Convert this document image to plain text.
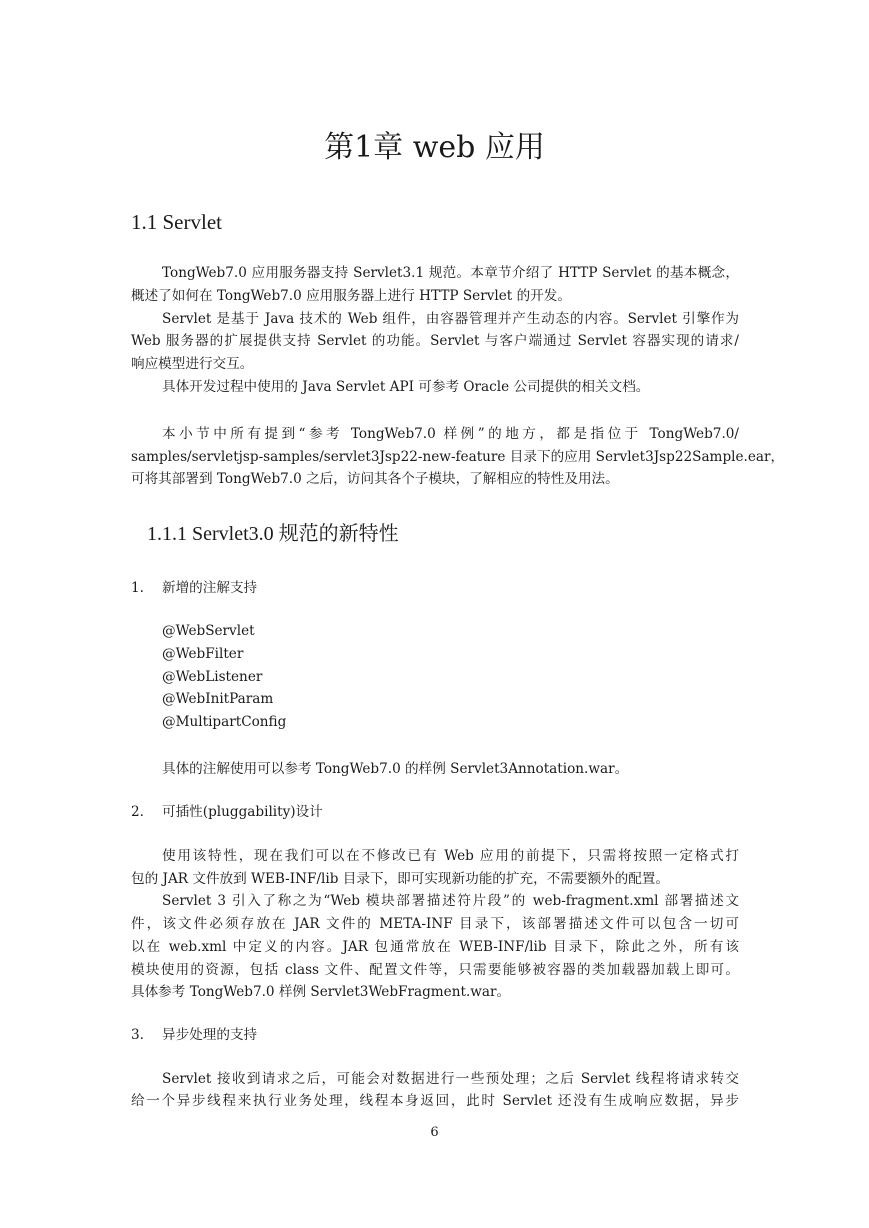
第1章 web 应用
1.1 Servlet
TongWeb7.0 应用服务器支持 Servlet3.1 规范。本章节介绍了 HTTP Servlet 的基本概念，
概述了如何在 TongWeb7.0 应用服务器上进行 HTTP Servlet 的开发。
Servlet 是基于 Java 技术的 Web 组件，由容器管理并产生动态的内容。Servlet 引擎作为
Web 服务器的扩展提供支持 Servlet 的功能。Servlet 与客户端通过 Servlet 容器实现的请求/
响应模型进行交互。
具体开发过程中使用的 Java Servlet API 可参考 Oracle 公司提供的相关文档。
本小节中所有提到“参考 TongWeb7.0 样例”的地方，都是指位于 TongWeb7.0/
samples/servletjsp-samples/servlet3Jsp22-new-feature 目录下的应用 Servlet3Jsp22Sample.ear，
可将其部署到 TongWeb7.0 之后，访问其各个子模块，了解相应的特性及用法。
1.1.1 Servlet3.0 规范的新特性
1. 新增的注解支持
@WebServlet
@WebFilter
@WebListener
@WebInitParam
@MultipartConfig
具体的注解使用可以参考 TongWeb7.0 的样例 Servlet3Annotation.war。
2. 可插性(pluggability)设计
使用该特性，现在我们可以在不修改已有 Web 应用的前提下，只需将按照一定格式打
包的 JAR 文件放到 WEB-INF/lib 目录下，即可实现新功能的扩充，不需要额外的配置。
Servlet 3 引入了称之为“Web 模块部署描述符片段”的 web-fragment.xml 部署描述文
件，该文件必须存放在 JAR 文件的 META-INF 目录下，该部署描述文件可以包含一切可
以在 web.xml 中定义的内容。JAR 包通常放在 WEB-INF/lib 目录下，除此之外，所有该
模块使用的资源，包括 class 文件、配置文件等，只需要能够被容器的类加载器加载上即可。
具体参考 TongWeb7.0 样例 Servlet3WebFragment.war。
3. 异步处理的支持
Servlet 接收到请求之后，可能会对数据进行一些预处理；之后 Servlet 线程将请求转交
给一个异步线程来执行业务处理，线程本身返回，此时 Servlet 还没有生成响应数据，异步
6
